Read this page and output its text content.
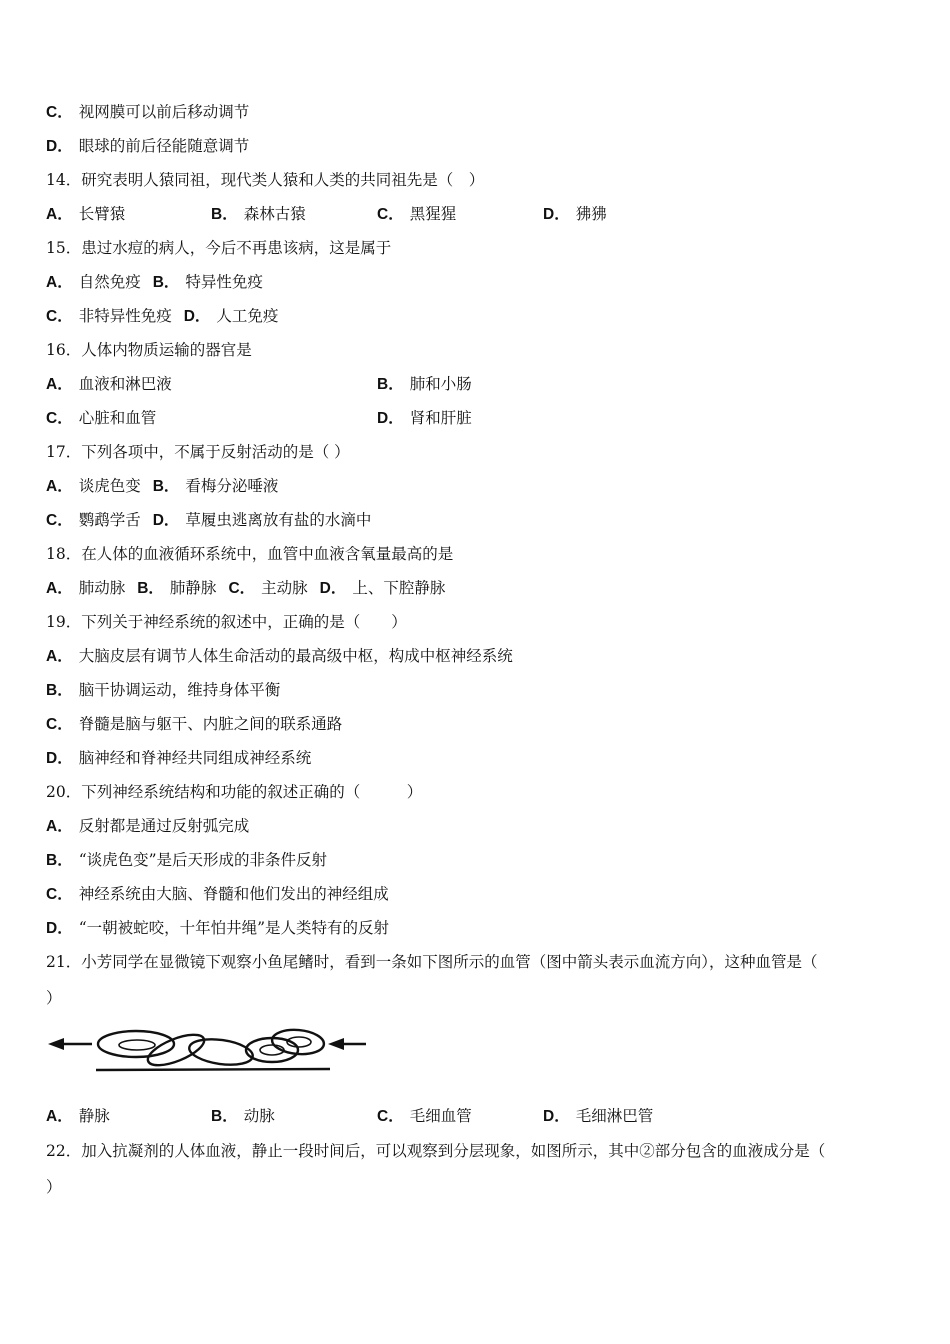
C． 视网膜可以前后移动调节
D． 眼球的前后径能随意调节
14．研究表明人猿同祖，现代类人猿和人类的共同祖先是（　）
A． 长臂猿	B． 森林古猿	C． 黑猩猩	D． 狒狒
15．患过水痘的病人，今后不再患该病，这是属于
A． 自然免疫 B． 特异性免疫
C． 非特异性免疫 D． 人工免疫
16．人体内物质运输的器官是
A． 血液和淋巴液	B． 肺和小肠
C． 心脏和血管	D． 肾和肝脏
17．下列各项中，不属于反射活动的是（ ）
A． 谈虎色变 B． 看梅分泌唾液
C． 鹦鹉学舌 D． 草履虫逃离放有盐的水滴中
18．在人体的血液循环系统中，血管中血液含氧量最高的是
A． 肺动脉 B． 肺静脉 C． 主动脉 D． 上、下腔静脉
19．下列关于神经系统的叙述中，正确的是（　　）
A． 大脑皮层有调节人体生命活动的最高级中枢，构成中枢神经系统
B． 脑干协调运动，维持身体平衡
C． 脊髓是脑与躯干、内脏之间的联系通路
D． 脑神经和脊神经共同组成神经系统
20．下列神经系统结构和功能的叙述正确的（　　　）
A． 反射都是通过反射弧完成
B． “谈虎色变”是后天形成的非条件反射
C． 神经系统由大脑、脊髓和他们发出的神经组成
D． “一朝被蛇咬，十年怕井绳”是人类特有的反射
21．小芳同学在显微镜下观察小鱼尾鳍时，看到一条如下图所示的血管（图中箭头表示血流方向），这种血管是（
）
A． 静脉	B． 动脉	C． 毛细血管	D． 毛细淋巴管
22．加入抗凝剂的人体血液，静止一段时间后，可以观察到分层现象，如图所示，其中②部分包含的血液成分是（
）
